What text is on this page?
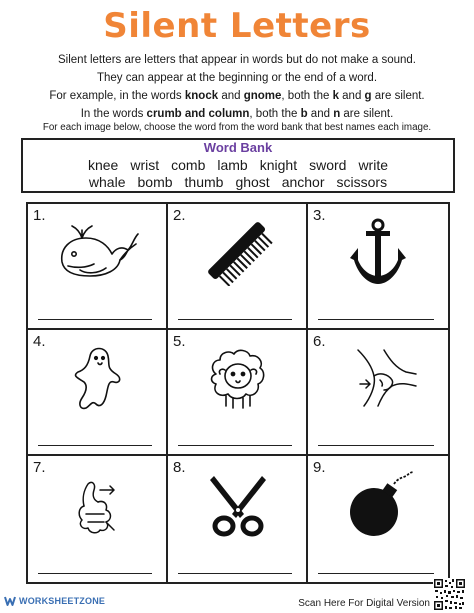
Silent Letters

Silent letters are letters that appear in words but do not make a sound.

They can appear at the beginning or the end of a word.

For example, in the words knock and gnome, both the k and g are silent.

In the words crumb and column, both the b and n are silent.

For each image below, choose the word from the word bank that best names each image.
Word Bank
knee wrist comb lamb knight sword write
whale bomb thumb ghost anchor scissors
1.	2.	3.
4.	5.	6.
7.	8.	9.
WORKSHEETZONE	Scan Here For Digital Version
